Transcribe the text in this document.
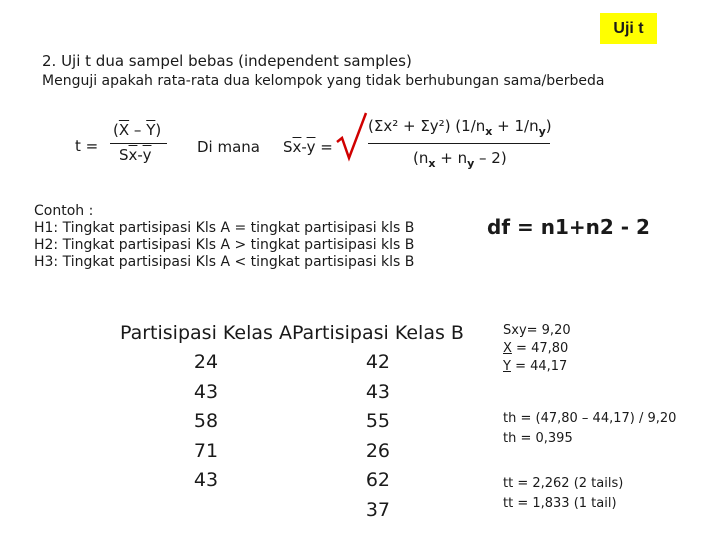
Uji t
2. Uji t dua sampel bebas (independent samples)
Menguji apakah rata-rata dua kelompok yang tidak berhubungan sama/berbeda
t =
$(\overline{X} - \overline{Y})$
$S\overline{x}-\overline{y}$	Di mana $S\overline{x}-\overline{y}$ =
(Σx² + Σy²) $(1/n_x + 1/n_y)$
$(n_x + n_y - 2)$
Contoh :
H1: Tingkat partisipasi Kls A = tingkat partisipasi kls B
H2: Tingkat partisipasi Kls A > tingkat partisipasi kls B
H3: Tingkat partisipasi Kls A < tingkat partisipasi kls B
df = n1+n2 - 2
Partisipasi Kelas A	Partisipasi Kelas B
24	42
43	43
58	55
71	26
43	62
	37
Sxy= 9,20
X = 47,80
Y = 44,17
th = (47,80 – 44,17) / 9,20
th = 0,395
tt = 2,262 (2 tails)
tt = 1,833 (1 tail)
